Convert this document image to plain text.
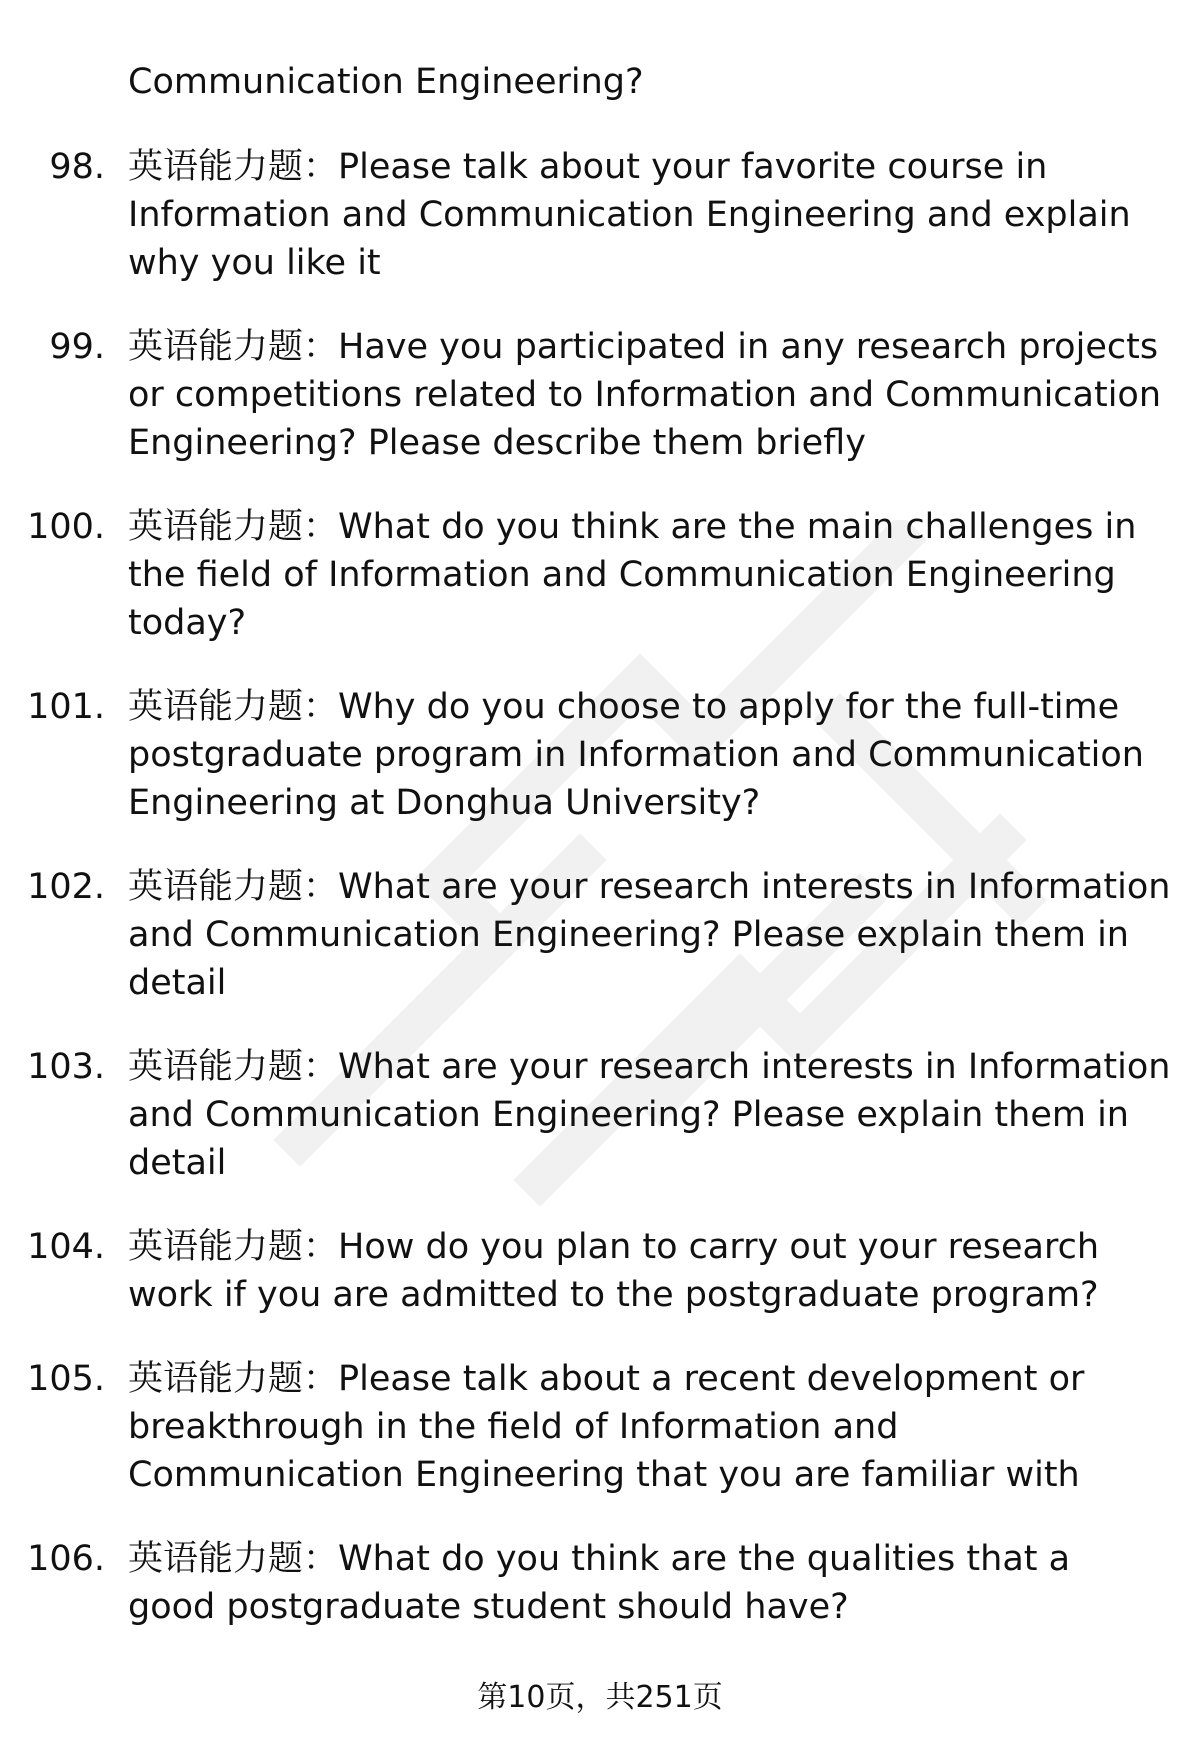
Communication Engineering?
98. 英语能力题：Please talk about your favorite course in
Information and Communication Engineering and explain
why you like it
99. 英语能力题：Have you participated in any research projects
or competitions related to Information and Communication
Engineering? Please describe them briefly
100. 英语能力题：What do you think are the main challenges in
the field of Information and Communication Engineering
today?
101. 英语能力题：Why do you choose to apply for the full-time
postgraduate program in Information and Communication
Engineering at Donghua University?
102. 英语能力题：What are your research interests in Information
and Communication Engineering? Please explain them in
detail
103. 英语能力题：What are your research interests in Information
and Communication Engineering? Please explain them in
detail
104. 英语能力题：How do you plan to carry out your research
work if you are admitted to the postgraduate program?
105. 英语能力题：Please talk about a recent development or
breakthrough in the field of Information and
Communication Engineering that you are familiar with
106. 英语能力题：What do you think are the qualities that a
good postgraduate student should have?
第10页，共251页
